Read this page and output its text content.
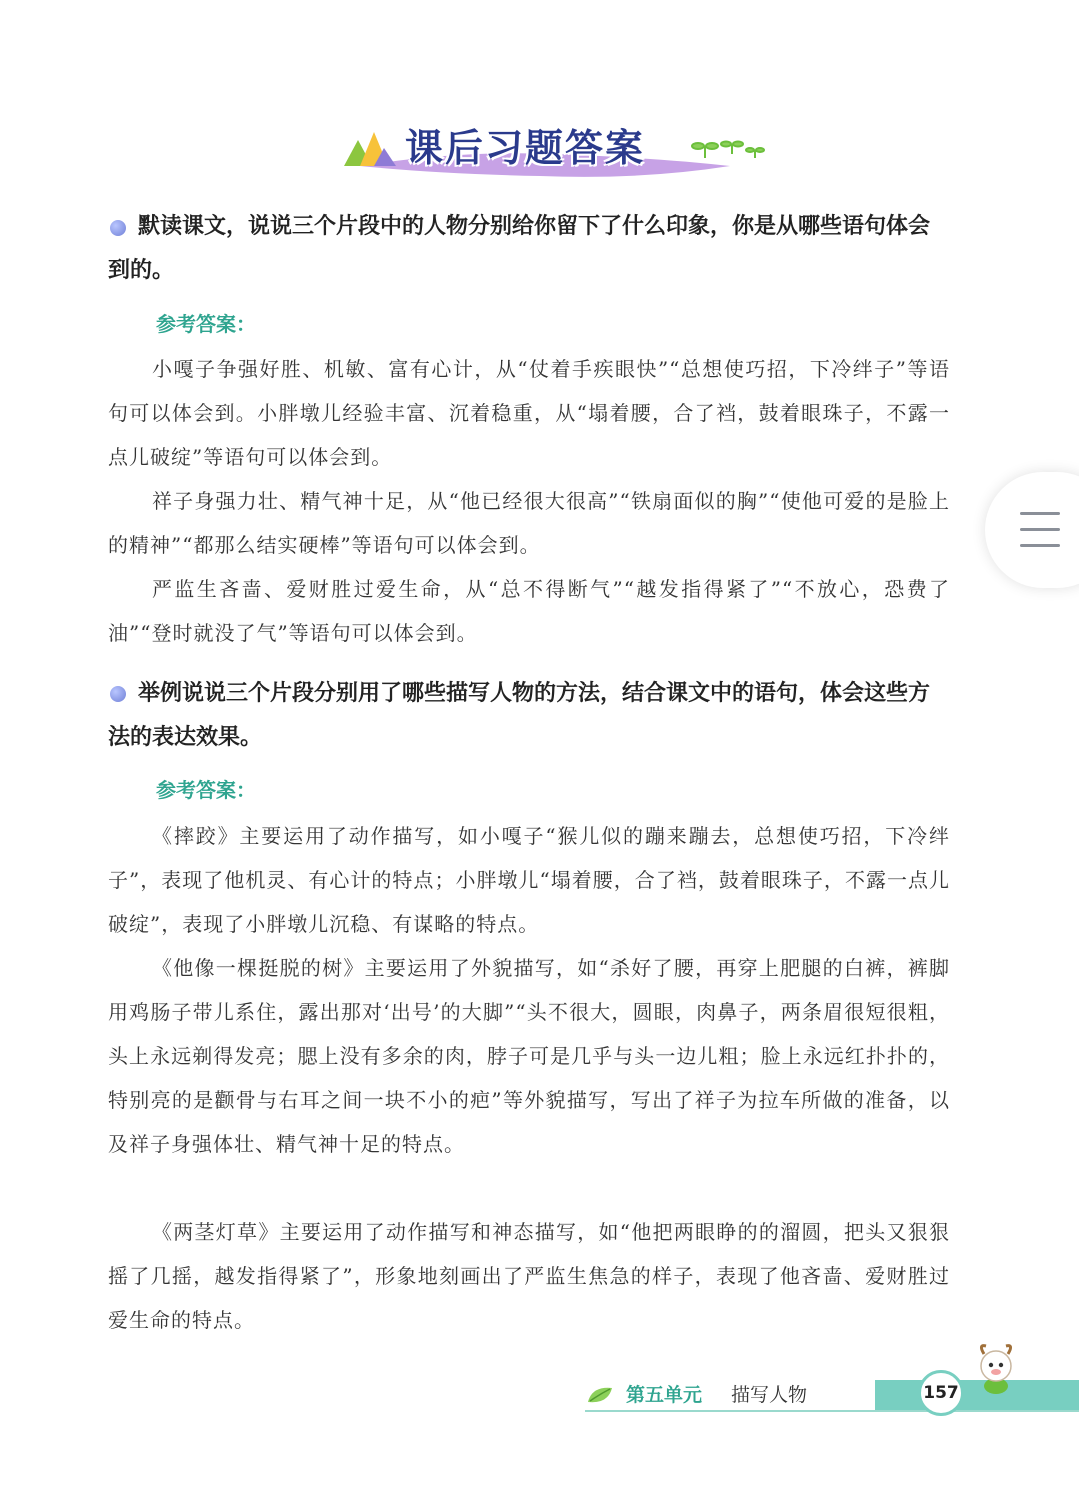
课后习题答案
默读课文，说说三个片段中的人物分别给你留下了什么印象，你是从哪些语句体会到的。
参考答案：
小嘎子争强好胜、机敏、富有心计，从“仗着手疾眼快”“总想使巧招，下冷绊子”等语句可以体会到。小胖墩儿经验丰富、沉着稳重，从“塌着腰，合了裆，鼓着眼珠子，不露一点儿破绽”等语句可以体会到。
祥子身强力壮、精气神十足，从“他已经很大很高”“铁扇面似的胸”“使他可爱的是脸上的精神”“都那么结实硬棒”等语句可以体会到。
严监生吝啬、爱财胜过爱生命，从“总不得断气”“越发指得紧了”“不放心，恐费了油”“登时就没了气”等语句可以体会到。
举例说说三个片段分别用了哪些描写人物的方法，结合课文中的语句，体会这些方法的表达效果。
参考答案：
《摔跤》主要运用了动作描写，如小嘎子“猴儿似的蹦来蹦去，总想使巧招，下冷绊子”，表现了他机灵、有心计的特点；小胖墩儿“塌着腰，合了裆，鼓着眼珠子，不露一点儿破绽”，表现了小胖墩儿沉稳、有谋略的特点。
《他像一棵挺脱的树》主要运用了外貌描写，如“杀好了腰，再穿上肥腿的白裤，裤脚用鸡肠子带儿系住，露出那对‘出号’的大脚”“头不很大，圆眼，肉鼻子，两条眉很短很粗，头上永远剃得发亮；腮上没有多余的肉，脖子可是几乎与头一边儿粗；脸上永远红扑扑的，特别亮的是颧骨与右耳之间一块不小的疤”等外貌描写，写出了祥子为拉车所做的准备，以及祥子身强体壮、精气神十足的特点。
《两茎灯草》主要运用了动作描写和神态描写，如“他把两眼睁的的溜圆，把头又狠狠摇了几摇，越发指得紧了”，形象地刻画出了严监生焦急的样子，表现了他吝啬、爱财胜过爱生命的特点。
第五单元 描写人物	157
